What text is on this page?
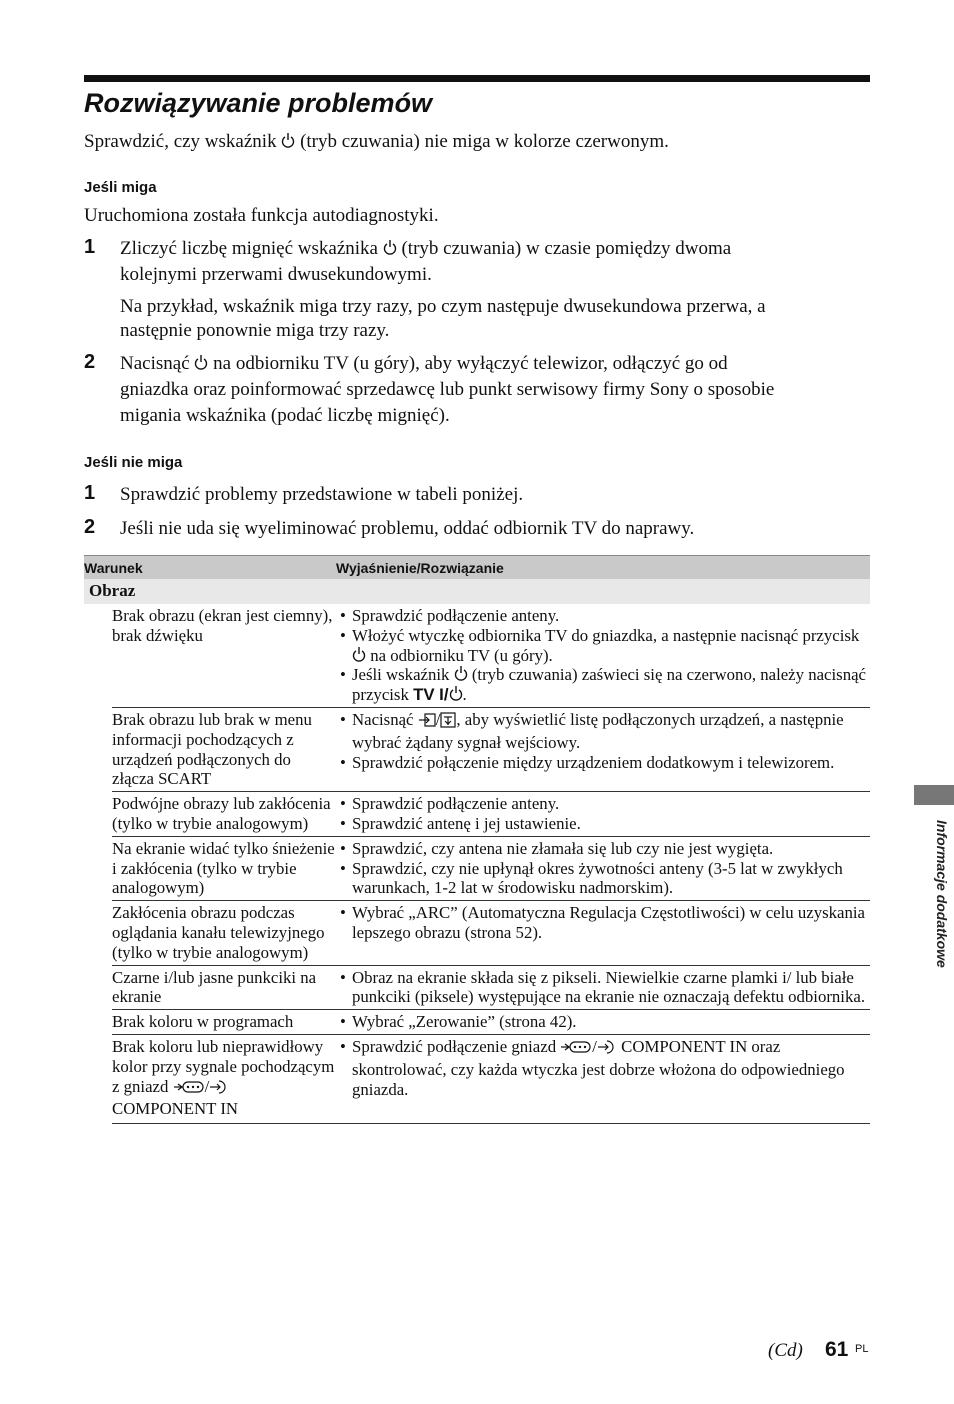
Rozwiązywanie problemów
Sprawdzić, czy wskaźnik (tryb czuwania) nie miga w kolorze czerwonym.
Jeśli miga
Uruchomiona została funkcja autodiagnostyki.
1 Zliczyć liczbę mignięć wskaźnika (tryb czuwania) w czasie pomiędzy dwoma
kolejnymi przerwami dwusekundowymi.
Na przykład, wskaźnik miga trzy razy, po czym następuje dwusekundowa przerwa, a
następnie ponownie miga trzy razy.
2 Nacisnąć na odbiorniku TV (u góry), aby wyłączyć telewizor, odłączyć go od
gniazdka oraz poinformować sprzedawcę lub punkt serwisowy firmy Sony o sposobie
migania wskaźnika (podać liczbę mignięć).
Jeśli nie miga
1 Sprawdzić problemy przedstawione w tabeli poniżej.
2 Jeśli nie uda się wyeliminować problemu, oddać odbiornik TV do naprawy.
Warunek	Wyjaśnienie/Rozwiązanie
Obraz
Brak obrazu (ekran jest ciemny), brak dźwięku
• Sprawdzić podłączenie anteny.
• Włożyć wtyczkę odbiornika TV do gniazdka, a następnie nacisnąć przycisk  na odbiorniku TV (u góry).
• Jeśli wskaźnik (tryb czuwania) zaświeci się na czerwono, należy nacisnąć przycisk TV I/ .
Brak obrazu lub brak w menu informacji pochodzących z urządzeń podłączonych do złącza SCART
• Nacisnąć / , aby wyświetlić listę podłączonych urządzeń, a następnie wybrać żądany sygnał wejściowy.
• Sprawdzić połączenie między urządzeniem dodatkowym i telewizorem.
Podwójne obrazy lub zakłócenia (tylko w trybie analogowym)
• Sprawdzić podłączenie anteny.
• Sprawdzić antenę i jej ustawienie.
Na ekranie widać tylko śnieżenie i zakłócenia (tylko w trybie analogowym)
• Sprawdzić, czy antena nie złamała się lub czy nie jest wygięta.
• Sprawdzić, czy nie upłynął okres żywotności anteny (3-5 lat w zwykłych warunkach, 1-2 lat w środowisku nadmorskim).
Zakłócenia obrazu podczas oglądania kanału telewizyjnego (tylko w trybie analogowym)
• Wybrać „ARC” (Automatyczna Regulacja Częstotliwości) w celu uzyskania lepszego obrazu (strona 52).
Czarne i/lub jasne punkciki na ekranie
• Obraz na ekranie składa się z pikseli. Niewielkie czarne plamki i/ lub białe punkciki (piksele) występujące na ekranie nie oznaczają defektu odbiornika.
Brak koloru w programach	• Wybrać „Zerowanie” (strona 42).
Brak koloru lub nieprawidłowy kolor przy sygnale pochodzącym z gniazd /
COMPONENT IN
• Sprawdzić podłączenie gniazd / COMPONENT IN oraz skontrolować, czy każda wtyczka jest dobrze włożona do odpowiedniego gniazda.
Informacje dodatkowe
(Cd) 61 PL
